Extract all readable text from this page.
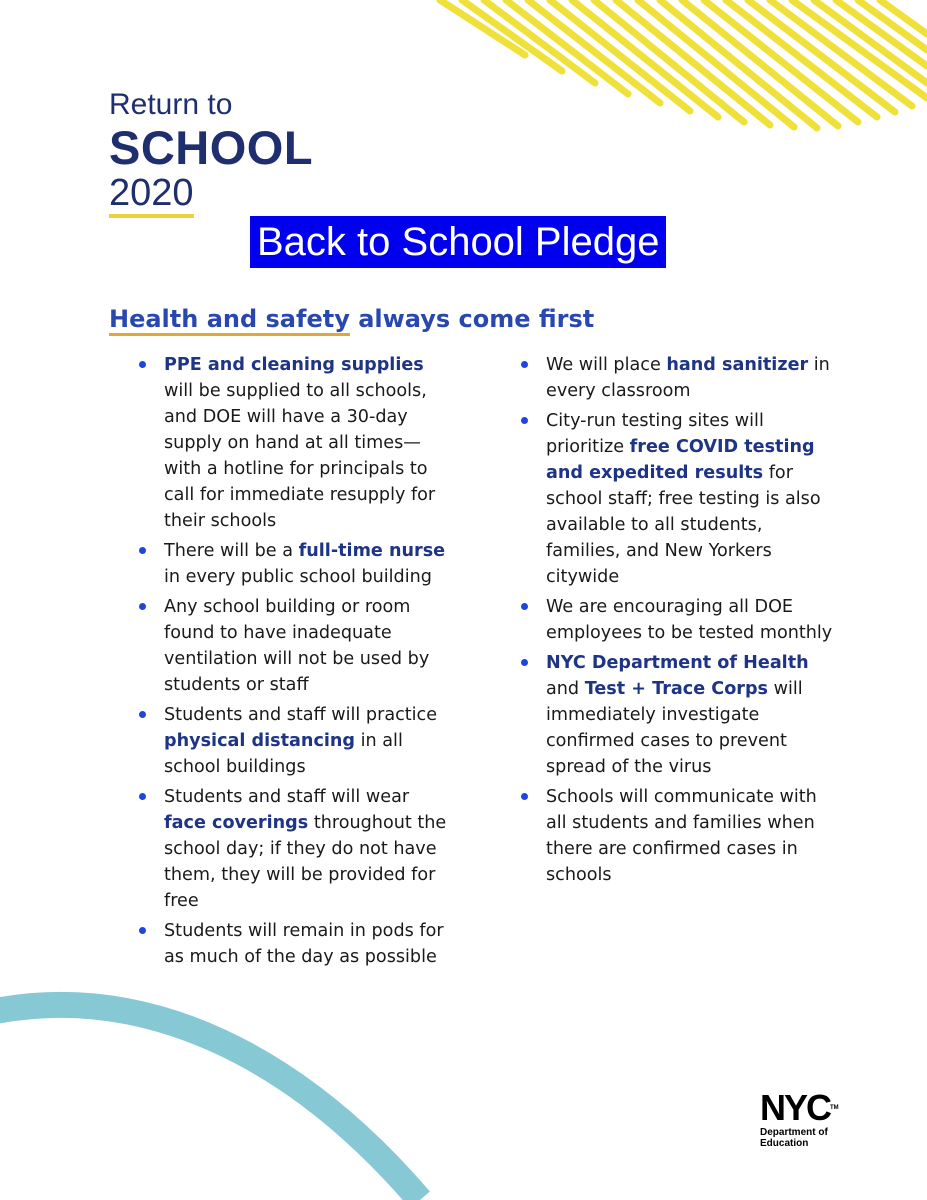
Return to
SCHOOL
2020
Back to School Pledge
Health and safety always come first
PPE and cleaning supplies will be supplied to all schools, and DOE will have a 30-day supply on hand at all times—with a hotline for principals to call for immediate resupply for their schools
There will be a full-time nurse in every public school building
Any school building or room found to have inadequate ventilation will not be used by students or staff
Students and staff will practice physical distancing in all school buildings
Students and staff will wear face coverings throughout the school day; if they do not have them, they will be provided for free
Students will remain in pods for as much of the day as possible
We will place hand sanitizer in every classroom
City-run testing sites will prioritize free COVID testing and expedited results for school staff; free testing is also available to all students, families, and New Yorkers citywide
We are encouraging all DOE employees to be tested monthly
NYC Department of Health and Test + Trace Corps will immediately investigate confirmed cases to prevent spread of the virus
Schools will communicate with all students and families when there are confirmed cases in schools
NYC™
Department of Education
